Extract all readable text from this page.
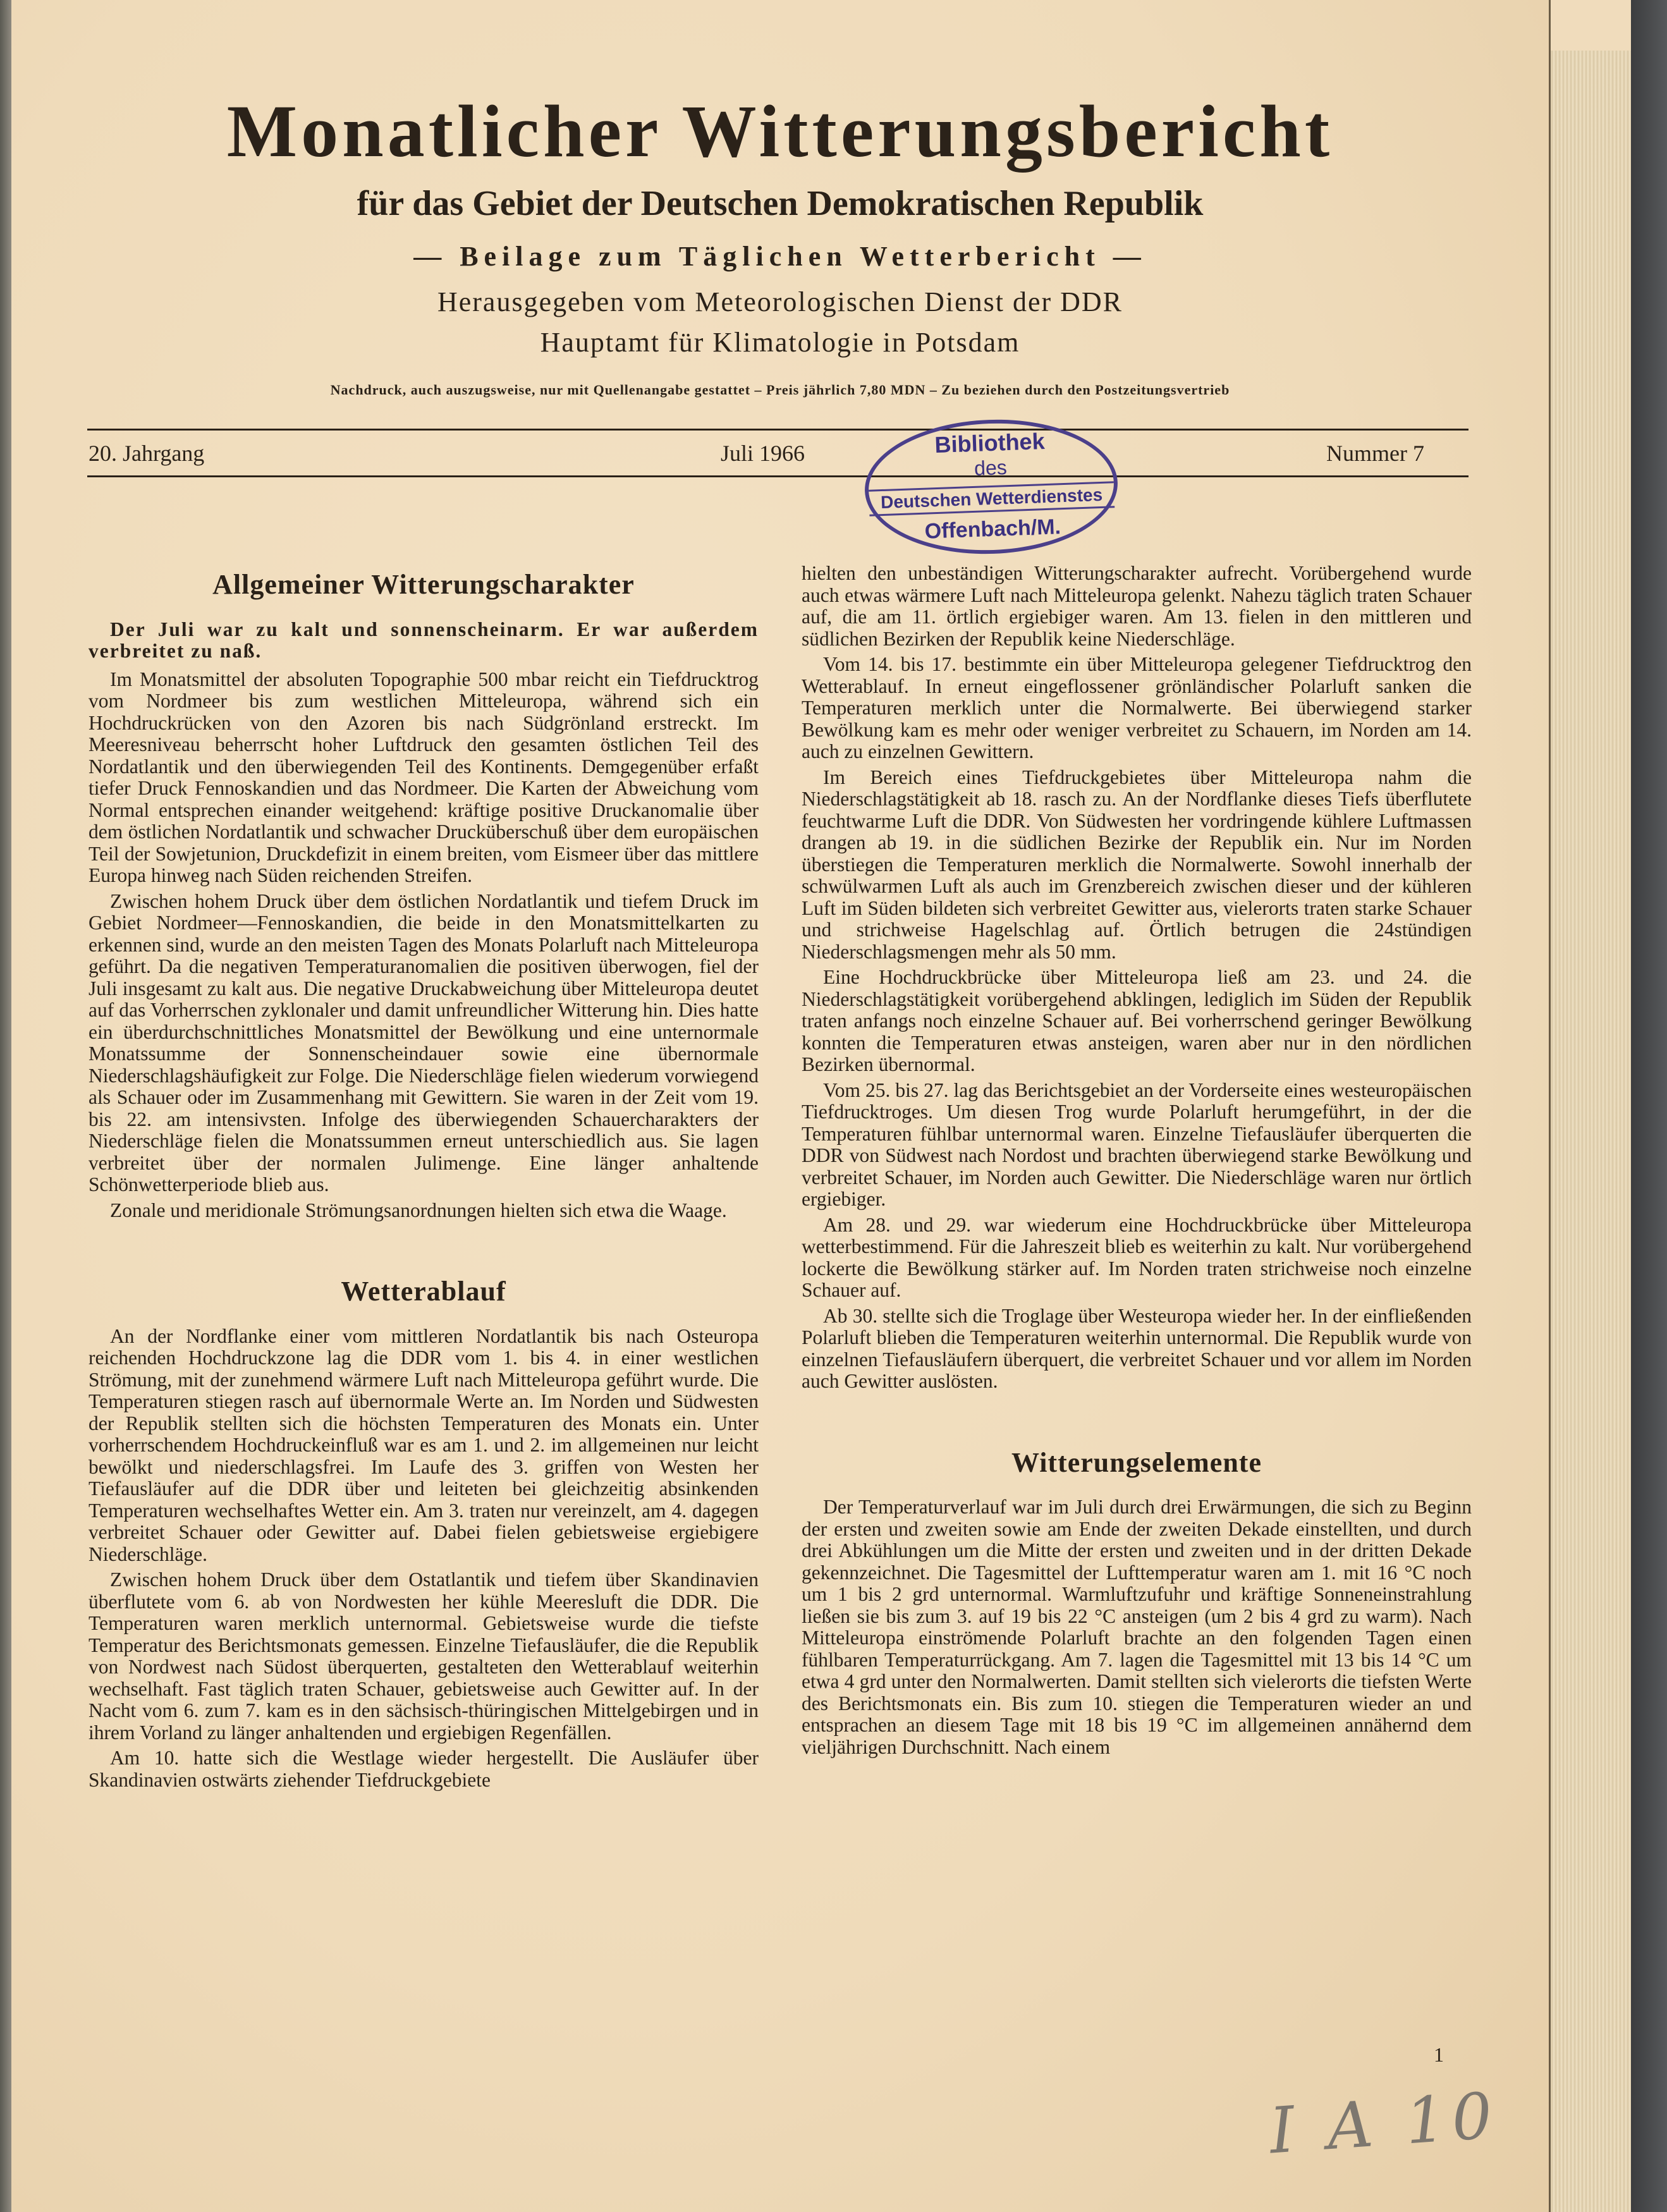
Monatlicher Witterungsbericht
für das Gebiet der Deutschen Demokratischen Republik
— Beilage zum Täglichen Wetterbericht —
Herausgegeben vom Meteorologischen Dienst der DDR
Hauptamt für Klimatologie in Potsdam
Nachdruck, auch auszugsweise, nur mit Quellenangabe gestattet – Preis jährlich 7,80 MDN – Zu beziehen durch den Postzeitungsvertrieb
20. Jahrgang	Juli 1966	Nummer 7
Bibliothek
des
Deutschen Wetterdienstes
Offenbach/M.
Allgemeiner Witterungscharakter

Der Juli war zu kalt und sonnenscheinarm. Er war außerdem verbreitet zu naß.

Im Monatsmittel der absoluten Topographie 500 mbar reicht ein Tiefdrucktrog vom Nordmeer bis zum westlichen Mitteleuropa, während sich ein Hochdruckrücken von den Azoren bis nach Südgrönland erstreckt. Im Meeresniveau beherrscht hoher Luftdruck den gesamten östlichen Teil des Nordatlantik und den überwiegenden Teil des Kontinents. Demgegenüber erfaßt tiefer Druck Fennoskandien und das Nordmeer. Die Karten der Abweichung vom Normal entsprechen einander weitgehend: kräftige positive Druckanomalie über dem östlichen Nordatlantik und schwacher Drucküberschuß über dem europäischen Teil der Sowjetunion, Druckdefizit in einem breiten, vom Eismeer über das mittlere Europa hinweg nach Süden reichenden Streifen.

Zwischen hohem Druck über dem östlichen Nordatlantik und tiefem Druck im Gebiet Nordmeer—Fennoskandien, die beide in den Monatsmittelkarten zu erkennen sind, wurde an den meisten Tagen des Monats Polarluft nach Mitteleuropa geführt. Da die negativen Temperaturanomalien die positiven überwogen, fiel der Juli insgesamt zu kalt aus. Die negative Druckabweichung über Mitteleuropa deutet auf das Vorherrschen zyklonaler und damit unfreundlicher Witterung hin. Dies hatte ein überdurchschnittliches Monatsmittel der Bewölkung und eine unternormale Monatssumme der Sonnenscheindauer sowie eine übernormale Niederschlagshäufigkeit zur Folge. Die Niederschläge fielen wiederum vorwiegend als Schauer oder im Zusammenhang mit Gewittern. Sie waren in der Zeit vom 19. bis 22. am intensivsten. Infolge des überwiegenden Schauercharakters der Niederschläge fielen die Monatssummen erneut unterschiedlich aus. Sie lagen verbreitet über der normalen Julimenge. Eine länger anhaltende Schönwetterperiode blieb aus.

Zonale und meridionale Strömungsanordnungen hielten sich etwa die Waage.

Wetterablauf

An der Nordflanke einer vom mittleren Nordatlantik bis nach Osteuropa reichenden Hochdruckzone lag die DDR vom 1. bis 4. in einer westlichen Strömung, mit der zunehmend wärmere Luft nach Mitteleuropa geführt wurde. Die Temperaturen stiegen rasch auf übernormale Werte an. Im Norden und Südwesten der Republik stellten sich die höchsten Temperaturen des Monats ein. Unter vorherrschendem Hochdruckeinfluß war es am 1. und 2. im allgemeinen nur leicht bewölkt und niederschlagsfrei. Im Laufe des 3. griffen von Westen her Tiefausläufer auf die DDR über und leiteten bei gleichzeitig absinkenden Temperaturen wechselhaftes Wetter ein. Am 3. traten nur vereinzelt, am 4. dagegen verbreitet Schauer oder Gewitter auf. Dabei fielen gebietsweise ergiebigere Niederschläge.

Zwischen hohem Druck über dem Ostatlantik und tiefem über Skandinavien überflutete vom 6. ab von Nordwesten her kühle Meeresluft die DDR. Die Temperaturen waren merklich unternormal. Gebietsweise wurde die tiefste Temperatur des Berichtsmonats gemessen. Einzelne Tiefausläufer, die die Republik von Nordwest nach Südost überquerten, gestalteten den Wetterablauf weiterhin wechselhaft. Fast täglich traten Schauer, gebietsweise auch Gewitter auf. In der Nacht vom 6. zum 7. kam es in den sächsisch-thüringischen Mittelgebirgen und in ihrem Vorland zu länger anhaltenden und ergiebigen Regenfällen.

Am 10. hatte sich die Westlage wieder hergestellt. Die Ausläufer über Skandinavien ostwärts ziehender Tiefdruckgebiete

hielten den unbeständigen Witterungscharakter aufrecht. Vorübergehend wurde auch etwas wärmere Luft nach Mitteleuropa gelenkt. Nahezu täglich traten Schauer auf, die am 11. örtlich ergiebiger waren. Am 13. fielen in den mittleren und südlichen Bezirken der Republik keine Niederschläge.

Vom 14. bis 17. bestimmte ein über Mitteleuropa gelegener Tiefdrucktrog den Wetterablauf. In erneut eingeflossener grönländischer Polarluft sanken die Temperaturen merklich unter die Normalwerte. Bei überwiegend starker Bewölkung kam es mehr oder weniger verbreitet zu Schauern, im Norden am 14. auch zu einzelnen Gewittern.

Im Bereich eines Tiefdruckgebietes über Mitteleuropa nahm die Niederschlagstätigkeit ab 18. rasch zu. An der Nordflanke dieses Tiefs überflutete feuchtwarme Luft die DDR. Von Südwesten her vordringende kühlere Luftmassen drangen ab 19. in die südlichen Bezirke der Republik ein. Nur im Norden überstiegen die Temperaturen merklich die Normalwerte. Sowohl innerhalb der schwülwarmen Luft als auch im Grenzbereich zwischen dieser und der kühleren Luft im Süden bildeten sich verbreitet Gewitter aus, vielerorts traten starke Schauer und strichweise Hagelschlag auf. Örtlich betrugen die 24stündigen Niederschlagsmengen mehr als 50 mm.

Eine Hochdruckbrücke über Mitteleuropa ließ am 23. und 24. die Niederschlagstätigkeit vorübergehend abklingen, lediglich im Süden der Republik traten anfangs noch einzelne Schauer auf. Bei vorherrschend geringer Bewölkung konnten die Temperaturen etwas ansteigen, waren aber nur in den nördlichen Bezirken übernormal.

Vom 25. bis 27. lag das Berichtsgebiet an der Vorderseite eines westeuropäischen Tiefdrucktroges. Um diesen Trog wurde Polarluft herumgeführt, in der die Temperaturen fühlbar unternormal waren. Einzelne Tiefausläufer überquerten die DDR von Südwest nach Nordost und brachten überwiegend starke Bewölkung und verbreitet Schauer, im Norden auch Gewitter. Die Niederschläge waren nur örtlich ergiebiger.

Am 28. und 29. war wiederum eine Hochdruckbrücke über Mitteleuropa wetterbestimmend. Für die Jahreszeit blieb es weiterhin zu kalt. Nur vorübergehend lockerte die Bewölkung stärker auf. Im Norden traten strichweise noch einzelne Schauer auf.

Ab 30. stellte sich die Troglage über Westeuropa wieder her. In der einfließenden Polarluft blieben die Temperaturen weiterhin unternormal. Die Republik wurde von einzelnen Tiefausläufern überquert, die verbreitet Schauer und vor allem im Norden auch Gewitter auslösten.

Witterungselemente

Der Temperaturverlauf war im Juli durch drei Erwärmungen, die sich zu Beginn der ersten und zweiten sowie am Ende der zweiten Dekade einstellten, und durch drei Abkühlungen um die Mitte der ersten und zweiten und in der dritten Dekade gekennzeichnet. Die Tagesmittel der Lufttemperatur waren am 1. mit 16 °C noch um 1 bis 2 grd unternormal. Warmluftzufuhr und kräftige Sonneneinstrahlung ließen sie bis zum 3. auf 19 bis 22 °C ansteigen (um 2 bis 4 grd zu warm). Nach Mitteleuropa einströmende Polarluft brachte an den folgenden Tagen einen fühlbaren Temperaturrückgang. Am 7. lagen die Tagesmittel mit 13 bis 14 °C um etwa 4 grd unter den Normalwerten. Damit stellten sich vielerorts die tiefsten Werte des Berichtsmonats ein. Bis zum 10. stiegen die Temperaturen wieder an und entsprachen an diesem Tage mit 18 bis 19 °C im allgemeinen annähernd dem vieljährigen Durchschnitt. Nach einem

1
I A 10
